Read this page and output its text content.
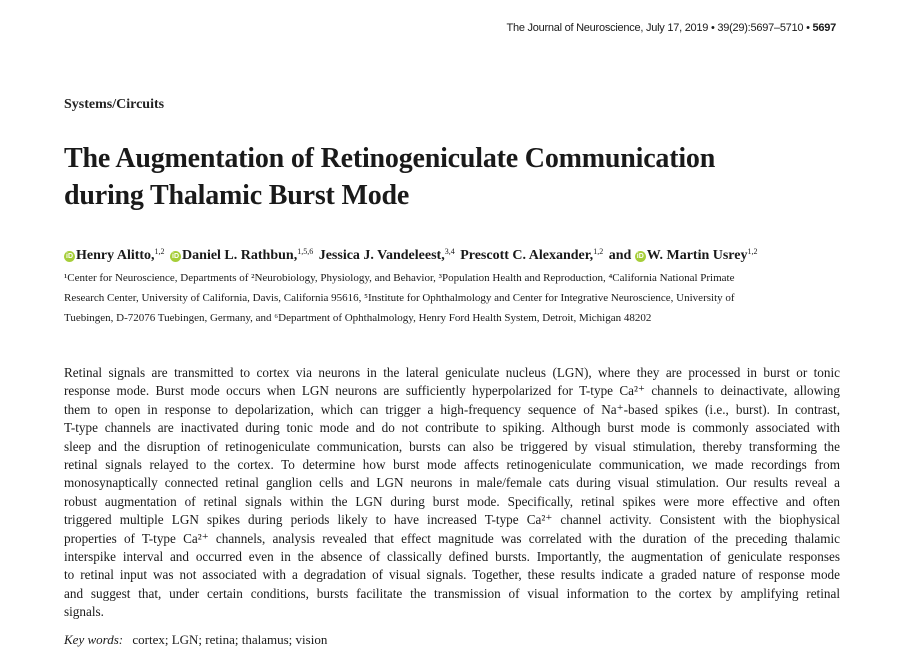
The Journal of Neuroscience, July 17, 2019 • 39(29):5697–5710 • 5697
Systems/Circuits
The Augmentation of Retinogeniculate Communication
during Thalamic Burst Mode
iD Henry Alitto,$^{1,2}$ iD Daniel L. Rathbun,$^{1,5,6}$ Jessica J. Vandeleest,$^{3,4}$ Prescott C. Alexander,$^{1,2}$ and iD W. Martin Usrey$^{1,2}$
¹Center for Neuroscience, Departments of ²Neurobiology, Physiology, and Behavior, ³Population Health and Reproduction, ⁴California National Primate
Research Center, University of California, Davis, California 95616, ⁵Institute for Ophthalmology and Center for Integrative Neuroscience, University of
Tuebingen, D-72076 Tuebingen, Germany, and ⁶Department of Ophthalmology, Henry Ford Health System, Detroit, Michigan 48202
Retinal signals are transmitted to cortex via neurons in the lateral geniculate nucleus (LGN), where they are processed in burst or tonic
response mode. Burst mode occurs when LGN neurons are sufficiently hyperpolarized for T-type Ca²⁺ channels to deinactivate, allowing
them to open in response to depolarization, which can trigger a high-frequency sequence of Na⁺-based spikes (i.e., burst). In contrast,
T-type channels are inactivated during tonic mode and do not contribute to spiking. Although burst mode is commonly associated with
sleep and the disruption of retinogeniculate communication, bursts can also be triggered by visual stimulation, thereby transforming the
retinal signals relayed to the cortex. To determine how burst mode affects retinogeniculate communication, we made recordings from
monosynaptically connected retinal ganglion cells and LGN neurons in male/female cats during visual stimulation. Our results reveal a
robust augmentation of retinal signals within the LGN during burst mode. Specifically, retinal spikes were more effective and often
triggered multiple LGN spikes during periods likely to have increased T-type Ca²⁺ channel activity. Consistent with the biophysical
properties of T-type Ca²⁺ channels, analysis revealed that effect magnitude was correlated with the duration of the preceding thalamic
interspike interval and occurred even in the absence of classically defined bursts. Importantly, the augmentation of geniculate responses
to retinal input was not associated with a degradation of visual signals. Together, these results indicate a graded nature of response mode
and suggest that, under certain conditions, bursts facilitate the transmission of visual information to the cortex by amplifying retinal
signals.
Key words: cortex; LGN; retina; thalamus; vision
